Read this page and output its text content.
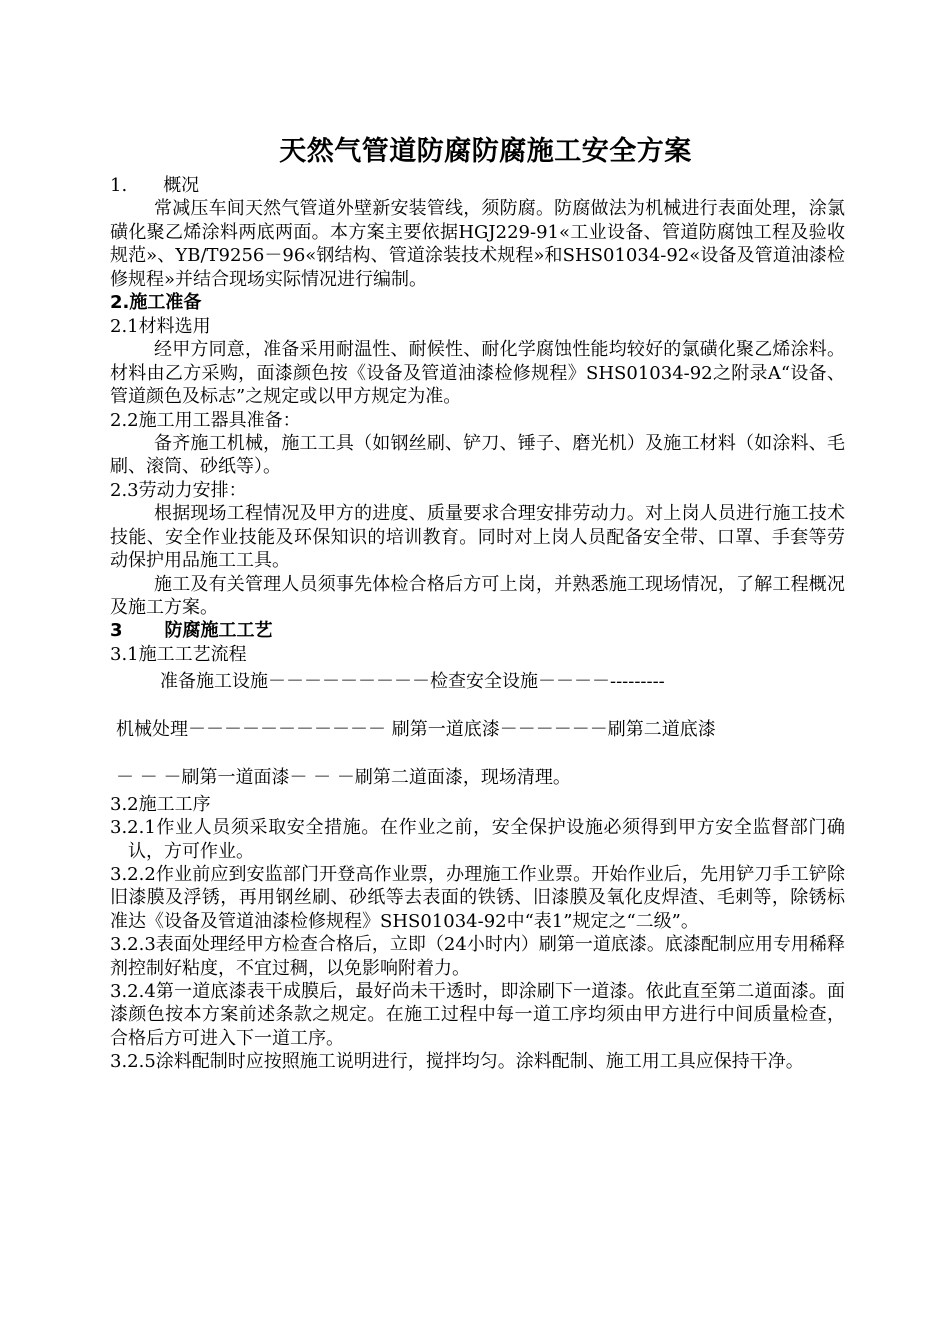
天然气管道防腐防腐施工安全方案

1. 概况

常减压车间天然气管道外壁新安装管线，须防腐。防腐做法为机械进行表面处理，涂氯磺化聚乙烯涂料两底两面。本方案主要依据HGJ229-91«工业设备、管道防腐蚀工程及验收规范»、YB/T9256－96«钢结构、管道涂装技术规程»和SHS01034-92«设备及管道油漆检修规程»并结合现场实际情况进行编制。

2.施工准备

2.1材料选用

经甲方同意，准备采用耐温性、耐候性、耐化学腐蚀性能均较好的氯磺化聚乙烯涂料。材料由乙方采购，面漆颜色按《设备及管道油漆检修规程》SHS01034-92之附录A“设备、管道颜色及标志”之规定或以甲方规定为准。

2.2施工用工器具准备：

备齐施工机械，施工工具（如钢丝刷、铲刀、锤子、磨光机）及施工材料（如涂料、毛刷、滚筒、砂纸等）。

2.3劳动力安排：

根据现场工程情况及甲方的进度、质量要求合理安排劳动力。对上岗人员进行施工技术技能、安全作业技能及环保知识的培训教育。同时对上岗人员配备安全带、口罩、手套等劳动保护用品施工工具。

施工及有关管理人员须事先体检合格后方可上岗，并熟悉施工现场情况，了解工程概况及施工方案。

3 防腐施工工艺

3.1施工工艺流程

准备施工设施－－－－－－－－－检查安全设施－－－－---------

机械处理－－－－－－－－－－－ 刷第一道底漆－－－－－－刷第二道底漆

－ － －刷第一道面漆－ － －刷第二道面漆，现场清理。

3.2施工工序

3.2.1作业人员须采取安全措施。在作业之前，安全保护设施必须得到甲方安全监督部门确认，方可作业。

3.2.2作业前应到安监部门开登高作业票，办理施工作业票。开始作业后，先用铲刀手工铲除旧漆膜及浮锈，再用钢丝刷、砂纸等去表面的铁锈、旧漆膜及氧化皮焊渣、毛刺等，除锈标准达《设备及管道油漆检修规程》SHS01034-92中“表1”规定之“二级”。

3.2.3表面处理经甲方检查合格后，立即（24小时内）刷第一道底漆。底漆配制应用专用稀释剂控制好粘度，不宜过稠，以免影响附着力。

3.2.4第一道底漆表干成膜后，最好尚未干透时，即涂刷下一道漆。依此直至第二道面漆。面漆颜色按本方案前述条款之规定。在施工过程中每一道工序均须由甲方进行中间质量检查，合格后方可进入下一道工序。

3.2.5涂料配制时应按照施工说明进行，搅拌均匀。涂料配制、施工用工具应保持干净。
